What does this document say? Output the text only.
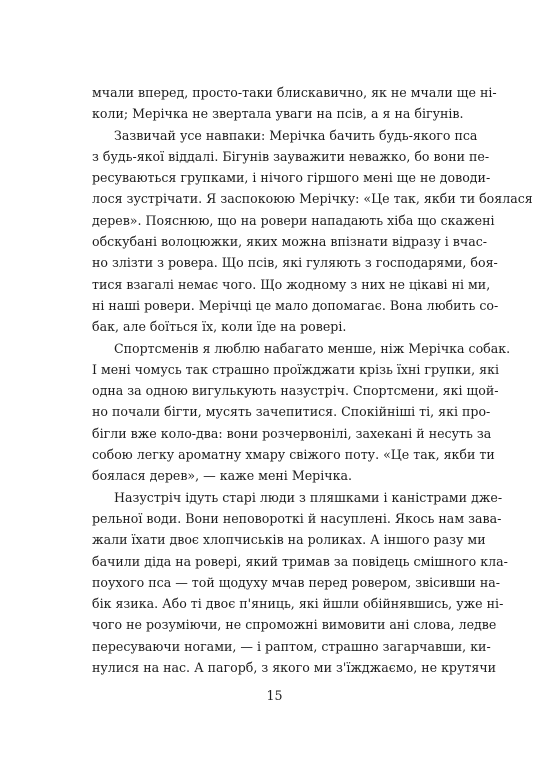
мчали вперед, просто-таки блискавично, як не мчали ще ні-
коли; Мерічка не звертала уваги на псів, а я на бігунів.
Зазвичай усе навпаки: Мерічка бачить будь-якого пса
з будь-якої віддалі. Бігунів зауважити неважко, бо вони пе-
ресуваються групками, і нічого гіршого мені ще не доводи-
лося зустрічати. Я заспокоюю Мерічку: «Це так, якби ти боялася
дерев». Пояснюю, що на ровери нападають хіба що скажені
обскубані волоцюжки, яких можна впізнати відразу і вчас-
но злізти з ровера. Що псів, які гуляють з господарями, боя-
тися взагалі немає чого. Що жодному з них не цікаві ні ми,
ні наші ровери. Мерічці це мало допомагає. Вона любить со-
бак, але боїться їх, коли їде на ровері.
Спортсменів я люблю набагато менше, ніж Мерічка собак.
І мені чомусь так страшно проїжджати крізь їхні групки, які
одна за одною вигулькують назустріч. Спортсмени, які щой-
но почали бігти, мусять зачепитися. Спокійніші ті, які про-
бігли вже коло-два: вони розчервонілі, захекані й несуть за
собою легку ароматну хмару свіжого поту. «Це так, якби ти
боялася дерев», — каже мені Мерічка.
Назустріч ідуть старі люди з пляшками і каністрами дже-
рельної води. Вони неповороткі й насуплені. Якось нам зава-
жали їхати двоє хлопчиськів на роликах. А іншого разу ми
бачили діда на ровері, який тримав за повідець смішного кла-
поухого пса — той щодуху мчав перед ровером, звісивши на-
бік язика. Або ті двоє п'яниць, які йшли обійнявшись, уже ні-
чого не розуміючи, не спроможні вимовити ані слова, ледве
пересуваючи ногами, — і раптом, страшно загарчавши, ки-
нулися на нас. А пагорб, з якого ми з'їжджаємо, не крутячи
15
